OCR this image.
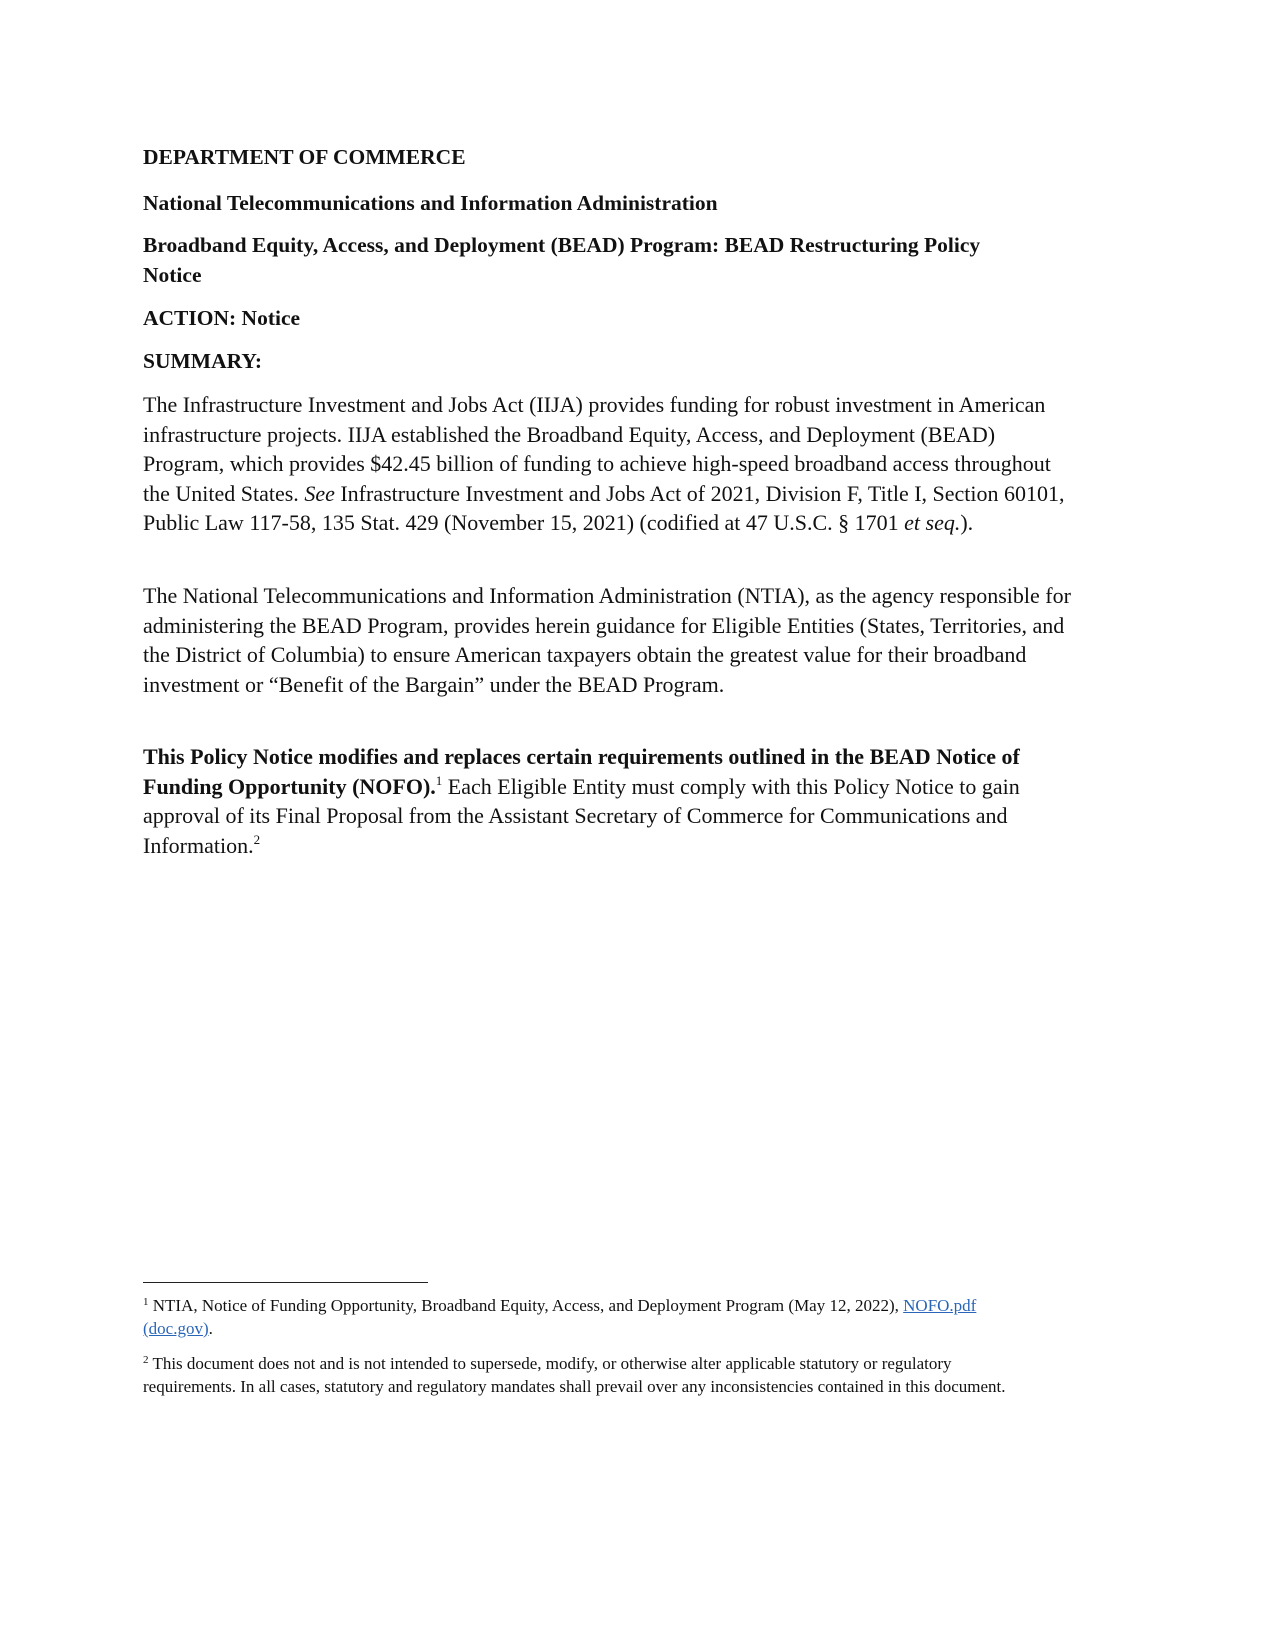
DEPARTMENT OF COMMERCE

National Telecommunications and Information Administration

Broadband Equity, Access, and Deployment (BEAD) Program: BEAD Restructuring Policy Notice

ACTION: Notice

SUMMARY:

The Infrastructure Investment and Jobs Act (IIJA) provides funding for robust investment in American infrastructure projects. IIJA established the Broadband Equity, Access, and Deployment (BEAD) Program, which provides $42.45 billion of funding to achieve high-speed broadband access throughout the United States. See Infrastructure Investment and Jobs Act of 2021, Division F, Title I, Section 60101, Public Law 117-58, 135 Stat. 429 (November 15, 2021) (codified at 47 U.S.C. § 1701 et seq.).

The National Telecommunications and Information Administration (NTIA), as the agency responsible for administering the BEAD Program, provides herein guidance for Eligible Entities (States, Territories, and the District of Columbia) to ensure American taxpayers obtain the greatest value for their broadband investment or “Benefit of the Bargain” under the BEAD Program.

This Policy Notice modifies and replaces certain requirements outlined in the BEAD Notice of Funding Opportunity (NOFO).$^1$ Each Eligible Entity must comply with this Policy Notice to gain approval of its Final Proposal from the Assistant Secretary of Commerce for Communications and Information.$^2$

$^1$ NTIA, Notice of Funding Opportunity, Broadband Equity, Access, and Deployment Program (May 12, 2022), NOFO.pdf (doc.gov).

$^2$ This document does not and is not intended to supersede, modify, or otherwise alter applicable statutory or regulatory requirements. In all cases, statutory and regulatory mandates shall prevail over any inconsistencies contained in this document.
